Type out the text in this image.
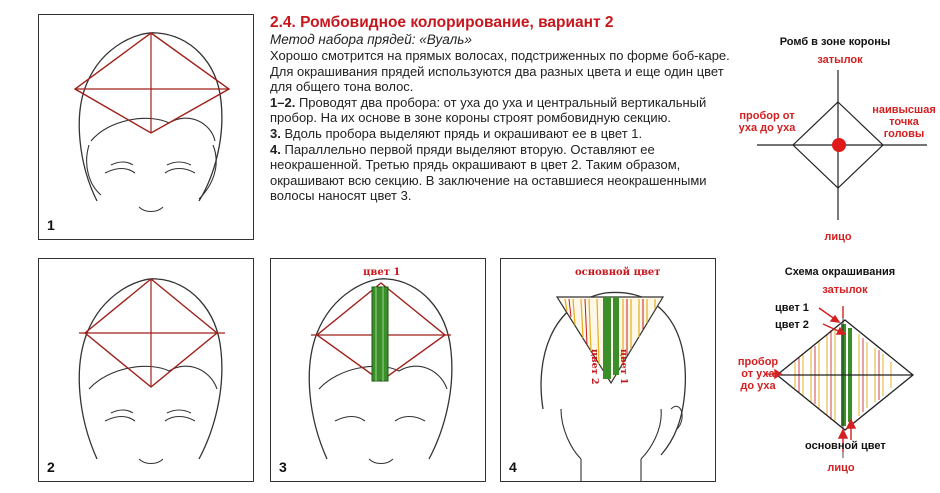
1

2.4. Ромбовидное колорирование, вариант 2

Метод набора прядей: «Вуаль»
Хорошо смотрится на прямых волосах, подстриженных по форме боб-каре. Для окрашивания прядей используются два разных цвета и еще один цвет для общего тона волос.
1–2. Проводят два пробора: от уха до уха и центральный вертикальный пробор. На их основе в зоне короны строят ромбовидную секцию.
3. Вдоль пробора выделяют прядь и окрашивают ее в цвет 1.
4. Параллельно первой пряди выделяют вторую. Оставляют ее неокрашенной. Третью прядь окрашивают в цвет 2. Таким образом, окрашивают всю секцию. В заключение на оставшиеся неокрашенными волосы наносят цвет 3.
Ромб в зоне короны
затылок
пробор от уха до уха
наивысшая точка головы
лицо
2
цвет 1
3
основной цвет
цвет 2 цвет 1
4
Схема окрашивания
затылок
цвет 1
цвет 2
пробор от уха до уха
основной цвет
лицо
